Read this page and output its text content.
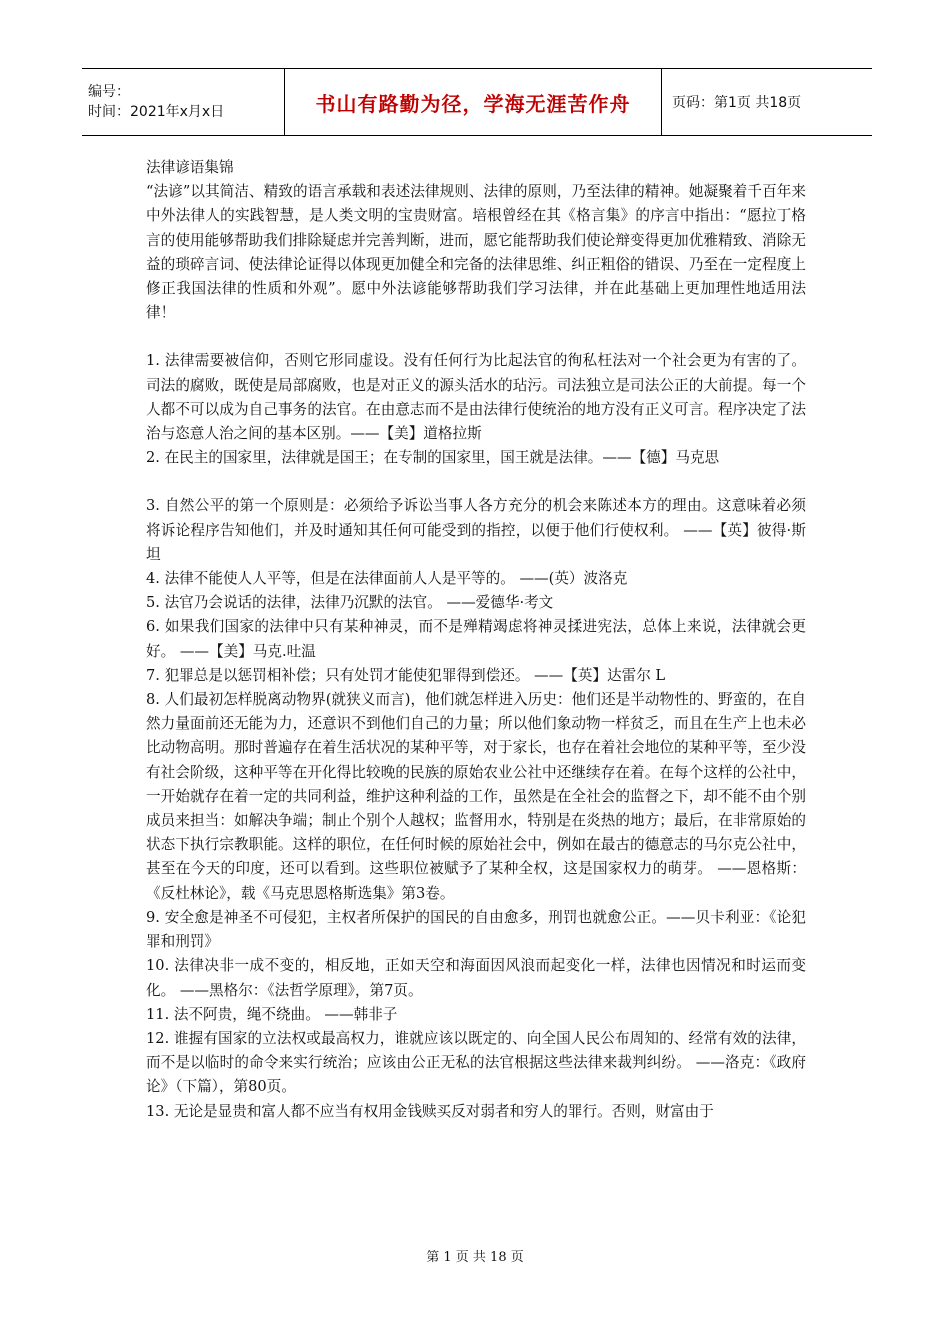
编号：
时间：2021年x月x日	书山有路勤为径，学海无涯苦作舟	页码：第1页 共18页

法律谚语集锦

“法谚”以其简洁、精致的语言承载和表述法律规则、法律的原则，乃至法律的精神。她凝聚着千百年来中外法律人的实践智慧，是人类文明的宝贵财富。培根曾经在其《格言集》的序言中指出：“愿拉丁格言的使用能够帮助我们排除疑虑并完善判断，进而，愿它能帮助我们使论辩变得更加优雅精致、消除无益的琐碎言词、使法律论证得以体现更加健全和完备的法律思维、纠正粗俗的错误、乃至在一定程度上修正我国法律的性质和外观”。愿中外法谚能够帮助我们学习法律，并在此基础上更加理性地适用法律！

1. 法律需要被信仰，否则它形同虚设。没有任何行为比起法官的徇私枉法对一个社会更为有害的了。司法的腐败，既使是局部腐败，也是对正义的源头活水的玷污。司法独立是司法公正的大前提。每一个人都不可以成为自己事务的法官。在由意志而不是由法律行使统治的地方没有正义可言。程序决定了法治与恣意人治之间的基本区别。——【美】道格拉斯

2. 在民主的国家里，法律就是国王；在专制的国家里，国王就是法律。——【德】马克思

3. 自然公平的第一个原则是：必须给予诉讼当事人各方充分的机会来陈述本方的理由。这意味着必须将诉论程序告知他们，并及时通知其任何可能受到的指控，以便于他们行使权利。 ——【英】彼得·斯坦

4. 法律不能使人人平等，但是在法律面前人人是平等的。 ——(英）波洛克

5. 法官乃会说话的法律，法律乃沉默的法官。 ——爱德华·考文

6. 如果我们国家的法律中只有某种神灵，而不是殚精竭虑将神灵揉进宪法，总体上来说，法律就会更好。 ——【美】马克.吐温

7. 犯罪总是以惩罚相补偿；只有处罚才能使犯罪得到偿还。 ——【英】达雷尔 L

8. 人们最初怎样脱离动物界(就狭义而言)，他们就怎样进入历史：他们还是半动物性的、野蛮的，在自然力量面前还无能为力，还意识不到他们自己的力量；所以他们象动物一样贫乏，而且在生产上也未必比动物高明。那时普遍存在着生活状况的某种平等，对于家长，也存在着社会地位的某种平等，至少没有社会阶级，这种平等在开化得比较晚的民族的原始农业公社中还继续存在着。在每个这样的公社中，一开始就存在着一定的共同利益，维护这种利益的工作，虽然是在全社会的监督之下，却不能不由个别成员来担当：如解决争端；制止个别个人越权；监督用水，特别是在炎热的地方；最后，在非常原始的状态下执行宗教职能。这样的职位，在任何时候的原始社会中，例如在最古的德意志的马尔克公社中，甚至在今天的印度，还可以看到。这些职位被赋予了某种全权，这是国家权力的萌芽。 ——恩格斯：《反杜林论》，载《马克思恩格斯选集》第3卷。

9. 安全愈是神圣不可侵犯，主权者所保护的国民的自由愈多，刑罚也就愈公正。——贝卡利亚：《论犯罪和刑罚》

10. 法律决非一成不变的，相反地，正如天空和海面因风浪而起变化一样，法律也因情况和时运而变化。 ——黑格尔：《法哲学原理》，第7页。

11. 法不阿贵，绳不绕曲。 ——韩非子

12. 谁握有国家的立法权或最高权力，谁就应该以既定的、向全国人民公布周知的、经常有效的法律，而不是以临时的命令来实行统治；应该由公正无私的法官根据这些法律来裁判纠纷。 ——洛克：《政府论》（下篇），第80页。

13. 无论是显贵和富人都不应当有权用金钱赎买反对弱者和穷人的罪行。否则，财富由于

第 1 页 共 18 页
